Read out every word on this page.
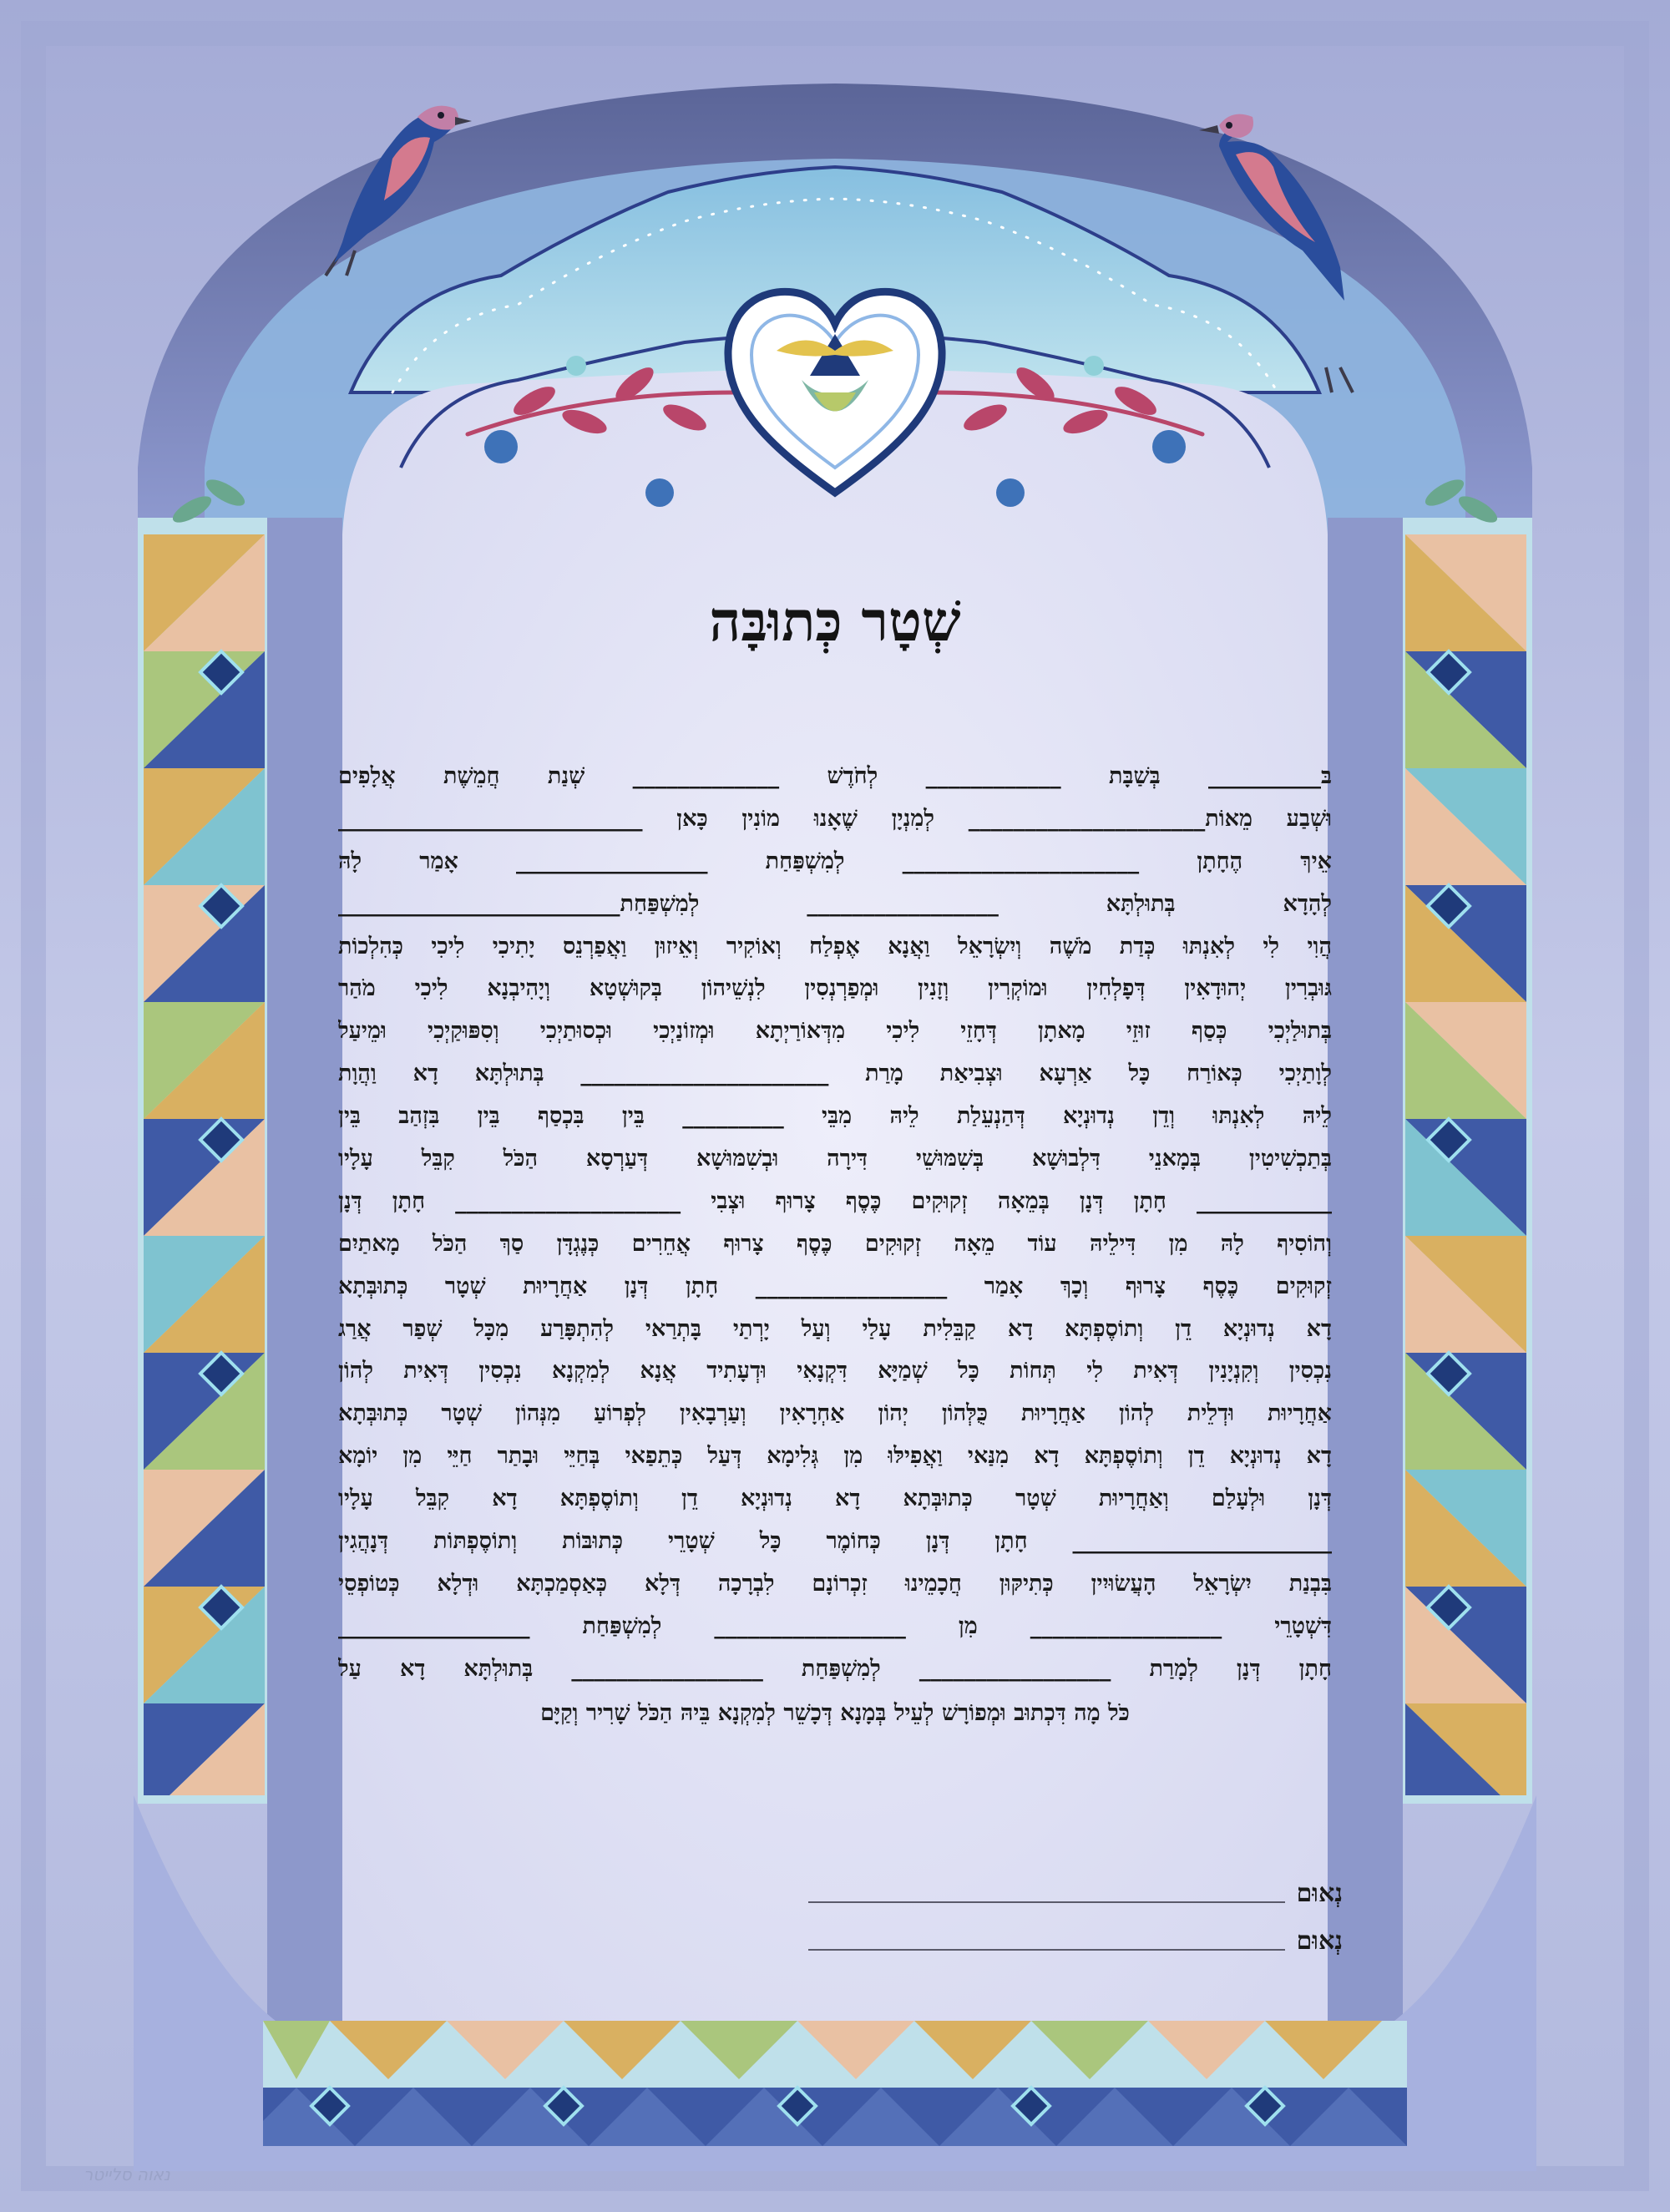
שְׁטָר כְּתוּבָּה
בּ__________ בְּשַׁבָּת ____________ לְחֹדֶשׁ _____________ שְׁנַת חֲמֵשֶׁת אֲלָפִים
וּשְׁבַע מֵאוֹת_____________________ לְמִנְיָן שֶׁאָנוּ מוֹנִין כָּאן ___________________________
אֵיךְ הֶחָתָן _____________________ לְמִשְׁפַּחַת _________________ אָמַר לָהּ
לְהָדָא בְּתוּלְתָּא _________________ לְמִשְׁפַּחַת_________________________
הֲוִי לִי לְאִנְתּוּ כְּדַת מֹשֶׁה וְיִשְׂרָאֵל וַאֲנָא אֶפְלַח וְאוֹקִיר וְאֵיזוּן וַאֲפַרְנֵס יָתִיכִי לִיכִי כְּהִלְכוֹת
גּוּבְרִין יְהוּדָאִין דְּפָלְחִין וּמוֹקְרִין וְזָנִין וּמְפַרְנְסִין לִנְשֵׁיהוֹן בְּקוּשְׁטָא וְיָהִיבְנָא לִיכִי מֹהַר
בְּתוּלַיְכִי כְּסַף זוּזֵי מָאתָן דְּחָזֵי לִיכִי מִדְּאוֹרַיְתָא וּמְזוֹנַיְכִי וּכְסוּתַיְכִי וְסִפּוּקַיְכִי וּמֵיעַל
לְוָתַיְכִי כְּאוֹרַח כָּל אַרְעָא וּצְבִיאַת מָרַת ______________________ בְּתוּלְתָּא דָא וַהֲוָת
לֵיהּ לְאִנְתּוּ וְדֵן נְדוּנְיָא דְּהַנְעֵלַת לֵיהּ מִבֵּי _________ בֵּין בִּכְסַף בֵּין בִּזְהַב בֵּין
בְּתַכְשִׁיטִין בְּמָאנֵי דִּלְבוּשָׁא בְּשִׁמּוּשֵׁי דִּירָה וּבְשִׁמּוּשָׁא דְּעַרְסָא הַכֹּל קִבֵּל עָלָיו
____________ חָתָן דְּנָן בְּמֵאָה זְקוּקִים כֶּסֶף צָרוּף וּצְבִי ____________________ חָתָן דְּנָן
וְהוֹסִיף לָהּ מִן דִּילֵיהּ עוֹד מֵאָה זְקוּקִים כֶּסֶף צָרוּף אֲחֵרִים כְּנֶגְדָּן סַךְ הַכֹּל מָאתַיִם
זְקוּקִים כֶּסֶף צָרוּף וְכָךְ אָמַר _________________ חָתָן דְּנָן אַחֲרָיוּת שְׁטָר כְּתוּבְּתָא
דָא נְדוּנְיָא דֵן וְתוֹסֶפְתָּא דָא קַבֵּלִית עָלַי וְעַל יָרְתַי בָּתְרַאי לְהִתְפָּרַע מִכָּל שְׁפַר אֲרַג
נִכְסִין וְקִנְיָנִין דְּאִית לִי תְּחוֹת כָּל שְׁמַיָּא דִּקְנָאִי וּדְעָתִיד אֲנָא לְמִקְנָא נִכְסִין דְּאִית לְהוֹן
אַחֲרָיוּת וּדְלֵית לְהוֹן אַחֲרָיוּת כֻּלְּהוֹן יְהוֹן אַחְרָאִין וְעַרְבָאִין לְפְרוֹעַ מִנְּהוֹן שְׁטָר כְּתוּבְּתָא
דָא נְדוּנְיָא דֵן וְתוֹסֶפְתָּא דָא מִנַּאי וַאֲפִילּוּ מִן גְּלִימָא דְּעַל כְּתֵפַאי בְּחַיֵּי וּבָתַר חַיֵּי מִן יוֹמָא
דְּנָן וּלְעָלַם וְאַחֲרָיוּת שְׁטָר כְּתוּבְּתָא דָא נְדוּנְיָא דֵן וְתוֹסֶפְתָּא דָא קִבֵּל עָלָיו
_______________________ חָתָן דְּנָן כְּחוֹמֶר כָּל שְׁטָרֵי כְּתוּבּוֹת וְתוֹסֶפְתּוֹת דְּנָהֲגִין
בִּבְנַת יִשְׂרָאֵל הָעֲשׂוּיִין כְּתִיקּוּן חֲכָמֵינוּ זִכְרוֹנָם לִבְרָכָה דְּלָא כְּאַסְמַכְתָּא וּדְלָא כְּטוֹפְסֵי
דִּשְׁטָרֵי _________________ מִן _________________ לְמִשְׁפַּחַת _________________
חָתָן דְּנָן לְמָרַת _________________ לְמִשְׁפַּחַת _________________ בְּתוּלְתָּא דָא עַל
כֹּל מָה דִּכְתוּב וּמְפוֹרָשׁ לְעֵיל בְּמָנָא דְּכָשֵׁר לְמִקְנָא בֵּיהּ הַכֹּל שָׁרִיר וְקַיָּם
נְאוּם
נְאוּם
נאוה סלייטר
